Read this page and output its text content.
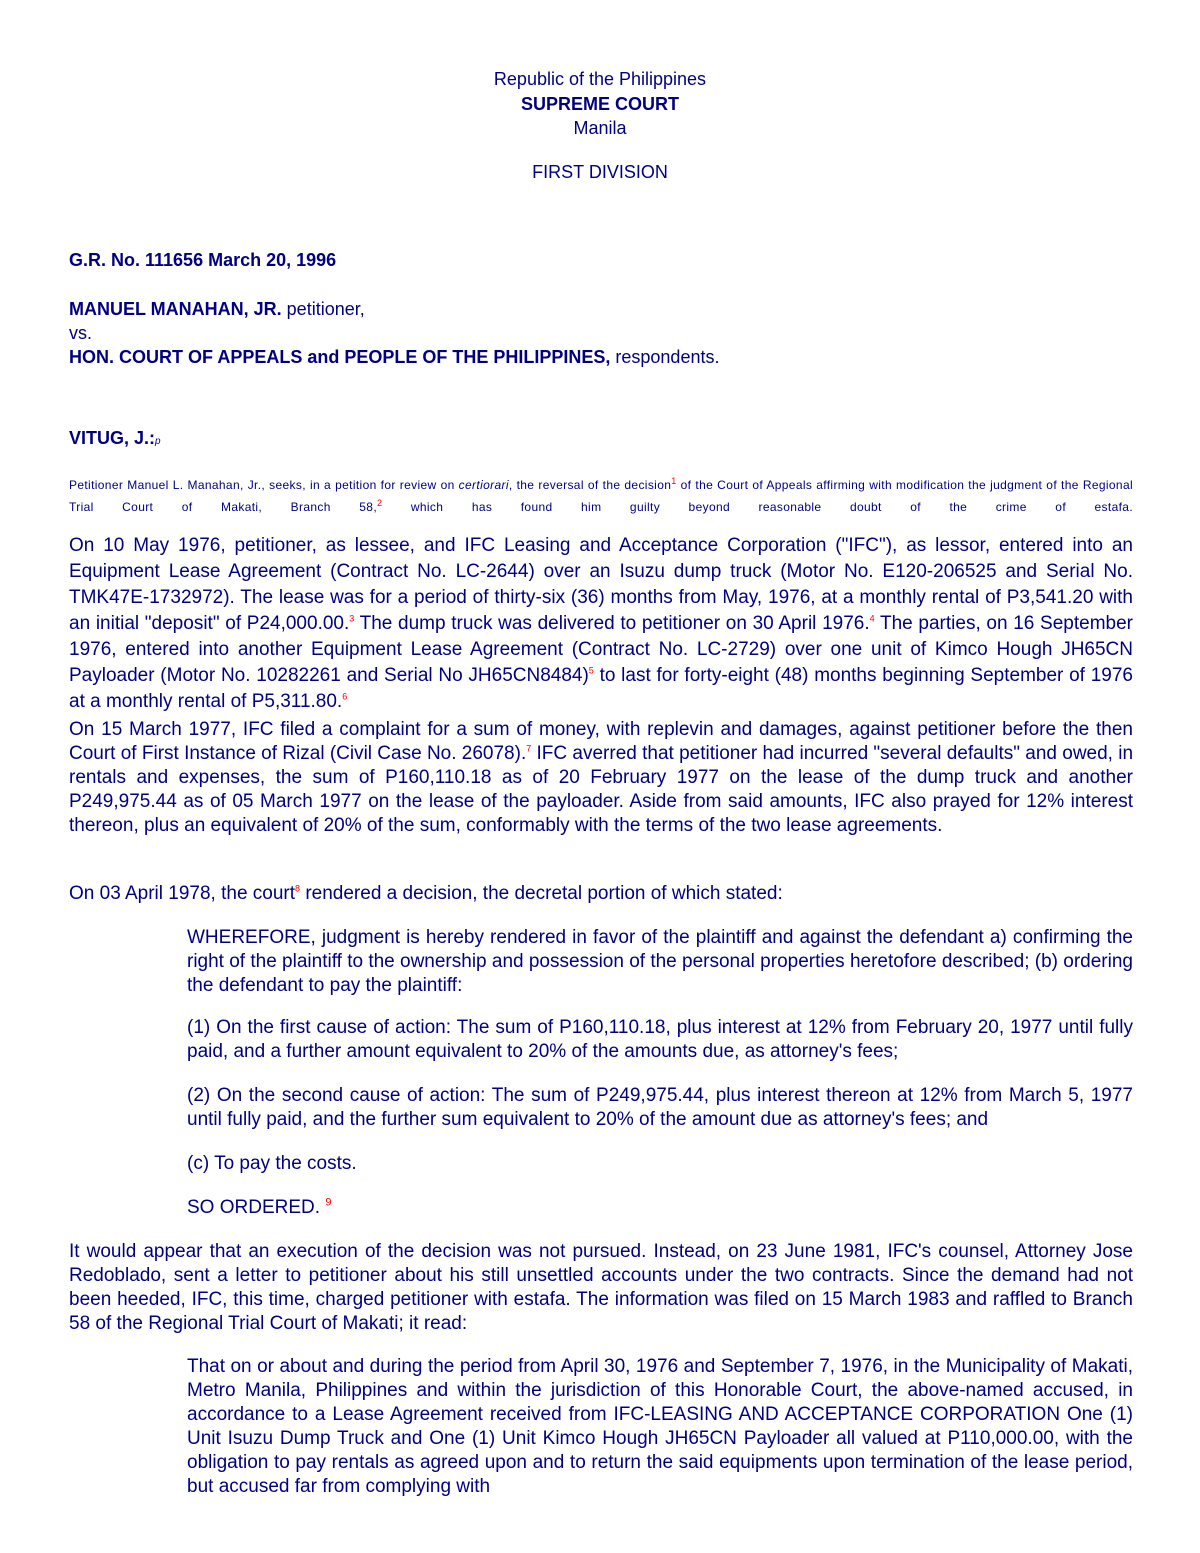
Republic of the Philippines
SUPREME COURT
Manila
FIRST DIVISION
G.R. No. 111656 March 20, 1996
MANUEL MANAHAN, JR. petitioner,
vs.
HON. COURT OF APPEALS and PEOPLE OF THE PHILIPPINES, respondents.
VITUG, J.:p
Petitioner Manuel L. Manahan, Jr., seeks, in a petition for review on certiorari, the reversal of the decision$^1$ of the Court of Appeals affirming with modification the judgment of the Regional Trial Court of Makati, Branch 58,$^2$ which has found him guilty beyond reasonable doubt of the crime of estafa.
On 10 May 1976, petitioner, as lessee, and IFC Leasing and Acceptance Corporation ("IFC"), as lessor, entered into an Equipment Lease Agreement (Contract No. LC-2644) over an Isuzu dump truck (Motor No. E120-206525 and Serial No. TMK47E-1732972). The lease was for a period of thirty-six (36) months from May, 1976, at a monthly rental of P3,541.20 with an initial "deposit" of P24,000.00.$^3$ The dump truck was delivered to petitioner on 30 April 1976.$^4$ The parties, on 16 September 1976, entered into another Equipment Lease Agreement (Contract No. LC-2729) over one unit of Kimco Hough JH65CN Payloader (Motor No. 10282261 and Serial No JH65CN8484)$^5$ to last for forty-eight (48) months beginning September of 1976 at a monthly rental of P5,311.80.$^6$
On 15 March 1977, IFC filed a complaint for a sum of money, with replevin and damages, against petitioner before the then Court of First Instance of Rizal (Civil Case No. 26078).$^7$ IFC averred that petitioner had incurred "several defaults" and owed, in rentals and expenses, the sum of P160,110.18 as of 20 February 1977 on the lease of the dump truck and another P249,975.44 as of 05 March 1977 on the lease of the payloader. Aside from said amounts, IFC also prayed for 12% interest thereon, plus an equivalent of 20% of the sum, conformably with the terms of the two lease agreements.
On 03 April 1978, the court$^8$ rendered a decision, the decretal portion of which stated:
WHEREFORE, judgment is hereby rendered in favor of the plaintiff and against the defendant a) confirming the right of the plaintiff to the ownership and possession of the personal properties heretofore described; (b) ordering the defendant to pay the plaintiff:
(1) On the first cause of action: The sum of P160,110.18, plus interest at 12% from February 20, 1977 until fully paid, and a further amount equivalent to 20% of the amounts due, as attorney's fees;
(2) On the second cause of action: The sum of P249,975.44, plus interest thereon at 12% from March 5, 1977 until fully paid, and the further sum equivalent to 20% of the amount due as attorney's fees; and
(c) To pay the costs.
SO ORDERED. $^9$
It would appear that an execution of the decision was not pursued. Instead, on 23 June 1981, IFC's counsel, Attorney Jose Redoblado, sent a letter to petitioner about his still unsettled accounts under the two contracts. Since the demand had not been heeded, IFC, this time, charged petitioner with estafa. The information was filed on 15 March 1983 and raffled to Branch 58 of the Regional Trial Court of Makati; it read:
That on or about and during the period from April 30, 1976 and September 7, 1976, in the Municipality of Makati, Metro Manila, Philippines and within the jurisdiction of this Honorable Court, the above-named accused, in accordance to a Lease Agreement received from IFC-LEASING AND ACCEPTANCE CORPORATION One (1) Unit Isuzu Dump Truck and One (1) Unit Kimco Hough JH65CN Payloader all valued at P110,000.00, with the obligation to pay rentals as agreed upon and to return the said equipments upon termination of the lease period, but accused far from complying with
